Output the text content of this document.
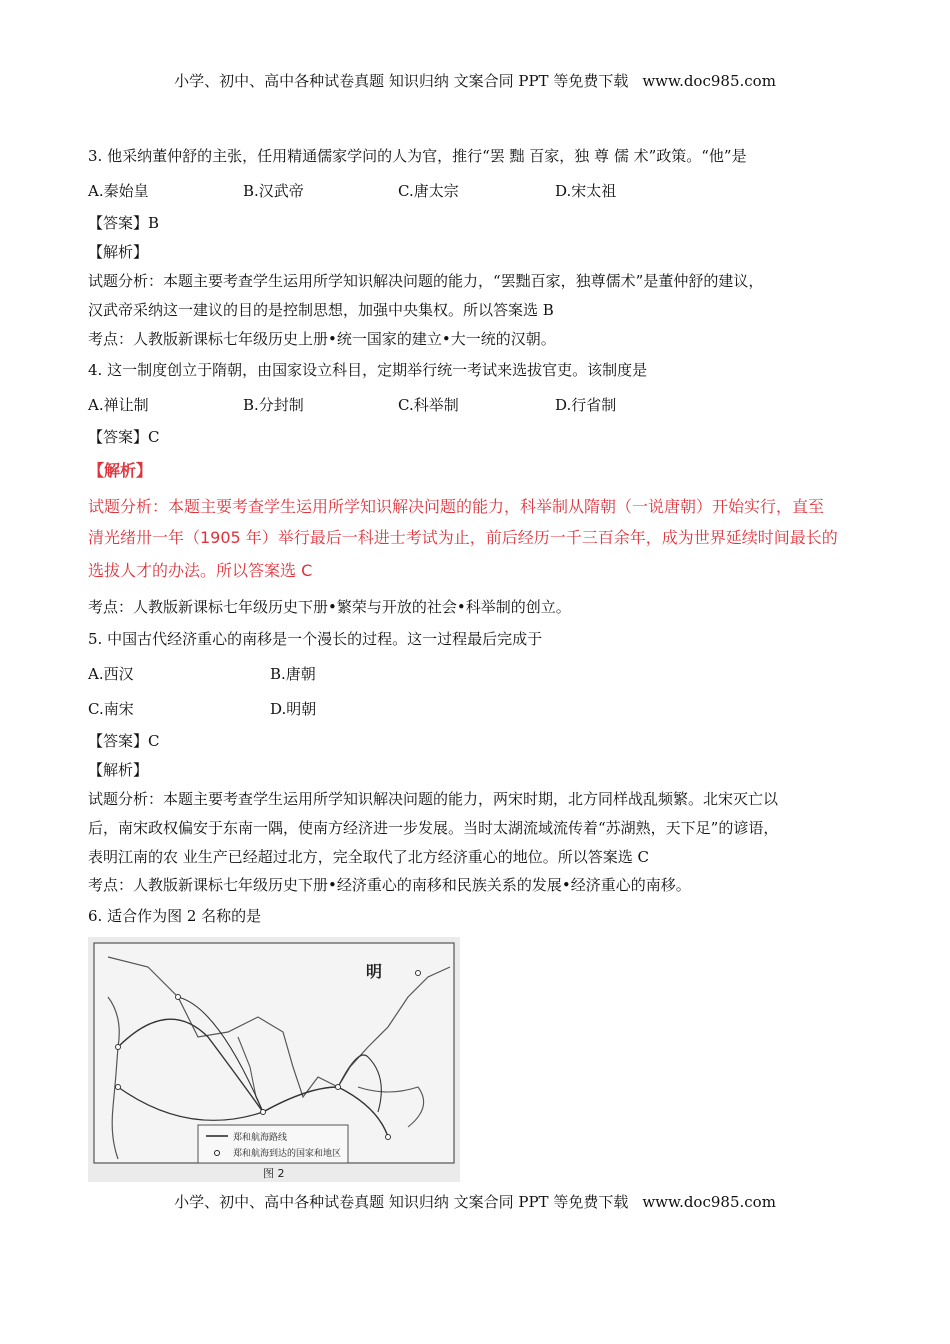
小学、初中、高中各种试卷真题 知识归纳 文案合同 PPT 等免费下载 www.doc985.com
3. 他采纳董仲舒的主张，任用精通儒家学问的人为官，推行“罢 黜 百家，独 尊 儒 术”政策。“他”是
A.秦始皇	B.汉武帝	C.唐太宗	D.宋太祖
【答案】B
【解析】
试题分析：本题主要考查学生运用所学知识解决问题的能力，“罢黜百家，独尊儒术”是董仲舒的建议，
汉武帝采纳这一建议的目的是控制思想，加强中央集权。所以答案选 B
考点：人教版新课标七年级历史上册•统一国家的建立•大一统的汉朝。
4. 这一制度创立于隋朝，由国家设立科目，定期举行统一考试来选拔官吏。该制度是
A.禅让制	B.分封制	C.科举制	D.行省制
【答案】C
【解析】
试题分析：本题主要考查学生运用所学知识解决问题的能力，科举制从隋朝（一说唐朝）开始实行，直至
清光绪卅一年（1905 年）举行最后一科进士考试为止，前后经历一千三百余年，成为世界延续时间最长的
选拔人才的办法。所以答案选 C
考点：人教版新课标七年级历史下册•繁荣与开放的社会•科举制的创立。
5. 中国古代经济重心的南移是一个漫长的过程。这一过程最后完成于
A.西汉	B.唐朝
C.南宋	D.明朝
【答案】C
【解析】
试题分析：本题主要考查学生运用所学知识解决问题的能力，两宋时期，北方同样战乱频繁。北宋灭亡以
后，南宋政权偏安于东南一隅，使南方经济进一步发展。当时太湖流域流传着“苏湖熟，天下足”的谚语，
表明江南的农 业生产已经超过北方，完全取代了北方经济重心的地位。所以答案选 C
考点：人教版新课标七年级历史下册•经济重心的南移和民族关系的发展•经济重心的南移。
6. 适合作为图 2 名称的是
明
郑和航海路线
郑和航海到达的国家和地区
图 2
小学、初中、高中各种试卷真题 知识归纳 文案合同 PPT 等免费下载 www.doc985.com
